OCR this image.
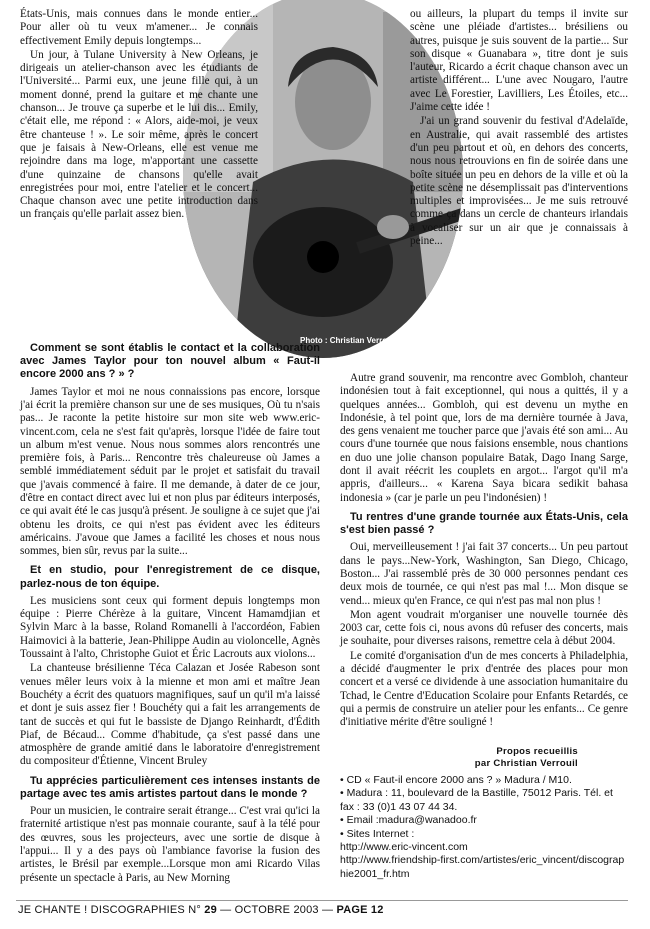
Photo : Christian Verrouil

États-Unis, mais connues dans le monde entier... Pour aller où tu veux m'amener... Je connais effectivement Emily depuis longtemps...

Un jour, à Tulane University à New Orleans, je dirigeais un atelier-chanson avec les étudiants de l'Université... Parmi eux, une jeune fille qui, à un moment donné, prend la guitare et me chante une chanson... Je trouve ça superbe et le lui dis... Emily, c'était elle, me répond : « Alors, aide-moi, je veux être chanteuse ! ». Le soir même, après le concert que je faisais à New-Orleans, elle est venue me rejoindre dans ma loge, m'apportant une cassette d'une quinzaine de chansons qu'elle avait enregistrées pour moi, entre l'atelier et le concert... Chaque chanson avec une petite introduction dans un français qu'elle parlait assez bien.

ou ailleurs, la plupart du temps il invite sur scène une pléiade d'artistes... brésiliens ou autres, puisque je suis souvent de la partie... Sur son disque « Guanabara », titre dont je suis l'auteur, Ricardo a écrit chaque chanson avec un artiste différent... L'une avec Nougaro, l'autre avec Le Forestier, Lavilliers, Les Étoiles, etc... J'aime cette idée !

J'ai un grand souvenir du festival d'Adelaïde, en Australie, qui avait rassemblé des artistes d'un peu partout et où, en dehors des concerts, nous nous retrouvions en fin de soirée dans une boîte située un peu en dehors de la ville et où la petite scène ne désemplissait pas d'interventions multiples et improvisées... Je me suis retrouvé comme ça dans un cercle de chanteurs irlandais à vocaliser sur un air que je connaissais à peine...

Comment se sont établis le contact et la collaboration avec James Taylor pour ton nouvel album « Faut-il encore 2000 ans ? » ?

James Taylor et moi ne nous connaissions pas encore, lorsque j'ai écrit la première chanson sur une de ses musiques, Où tu n'sais pas... Je raconte la petite histoire sur mon site web www.eric-vincent.com, cela ne s'est fait qu'après, lorsque l'idée de faire tout un album m'est venue. Nous nous sommes alors rencontrés une première fois, à Paris... Rencontre très chaleureuse où James a semblé immédiatement séduit par le projet et satisfait du travail que j'avais commencé à faire. Il me demande, à dater de ce jour, d'être en contact direct avec lui et non plus par éditeurs interposés, ce qui avait été le cas jusqu'à présent. Je souligne à ce sujet que j'ai obtenu les droits, ce qui n'est pas évident avec les éditeurs américains. J'avoue que James a facilité les choses et nous nous sommes, bien sûr, revus par la suite...

Et en studio, pour l'enregistrement de ce disque, parlez-nous de ton équipe.

Les musiciens sont ceux qui forment depuis longtemps mon équipe : Pierre Chérèze à la guitare, Vincent Hamamdjian et Sylvin Marc à la basse, Roland Romanelli à l'accordéon, Fabien Haimovici à la batterie, Jean-Philippe Audin au violoncelle, Agnès Toussaint à l'alto, Christophe Guiot et Éric Lacrouts aux violons...

La chanteuse brésilienne Téca Calazan et Josée Rabeson sont venues mêler leurs voix à la mienne et mon ami et maître Jean Bouchéty a écrit des quatuors magnifiques, sauf un qu'il m'a laissé et dont je suis assez fier ! Bouchéty qui a fait les arrangements de tant de succès et qui fut le bassiste de Django Reinhardt, d'Édith Piaf, de Bécaud... Comme d'habitude, ça s'est passé dans une atmosphère de grande amitié dans le laboratoire d'enregistrement du compositeur d'Étienne, Vincent Bruley

Tu apprécies particulièrement ces intenses instants de partage avec tes amis artistes partout dans le monde ?

Pour un musicien, le contraire serait étrange... C'est vrai qu'ici la fraternité artistique n'est pas monnaie courante, sauf à la télé pour des œuvres, sous les projecteurs, avec une sortie de disque à l'appui... Il y a des pays où l'ambiance favorise la fusion des artistes, le Brésil par exemple...Lorsque mon ami Ricardo Vilas présente un spectacle à Paris, au New Morning

Autre grand souvenir, ma rencontre avec Gombloh, chanteur indonésien tout à fait exceptionnel, qui nous a quittés, il y a quelques années... Gombloh, qui est devenu un mythe en Indonésie, à tel point que, lors de ma dernière tournée à Java, des gens venaient me toucher parce que j'avais été son ami... Au cours d'une tournée que nous faisions ensemble, nous chantions en duo une jolie chanson populaire Batak, Dago Inang Sarge, dont il avait réécrit les couplets en argot... l'argot qu'il m'a appris, d'ailleurs... « Karena Saya bicara sedikit bahasa indonesia » (car je parle un peu l'indonésien) !

Tu rentres d'une grande tournée aux États-Unis, cela s'est bien passé ?

Oui, merveilleusement ! j'ai fait 37 concerts... Un peu partout dans le pays...New-York, Washington, San Diego, Chicago, Boston... J'ai rassemblé près de 30 000 personnes pendant ces deux mois de tournée, ce qui n'est pas mal !... Mon disque se vend... mieux qu'en France, ce qui n'est pas mal non plus !

Mon agent voudrait m'organiser une nouvelle tournée dès 2003 car, cette fois ci, nous avons dû refuser des concerts, mais je souhaite, pour diverses raisons, remettre cela à début 2004.

Le comité d'organisation d'un de mes concerts à Philadelphia, a décidé d'augmenter le prix d'entrée des places pour mon concert et a versé ce dividende à une association humanitaire du Tchad, le Centre d'Education Scolaire pour Enfants Retardés, ce qui a permis de construire un atelier pour les enfants... Ce genre d'initiative mérite d'être souligné !

Propos recueillis
par Christian Verrouil
• CD « Faut-il encore 2000 ans ? » Madura / M10.
• Madura : 11, boulevard de la Bastille, 75012 Paris. Tél. et fax : 33 (0)1 43 07 44 34.
• Email :madura@wanadoo.fr
• Sites Internet :
http://www.eric-vincent.com
http://www.friendship-first.com/artistes/eric_vincent/discographie2001_fr.htm
JE CHANTE ! DISCOGRAPHIES N° 29 — OCTOBRE 2003 — PAGE 12
